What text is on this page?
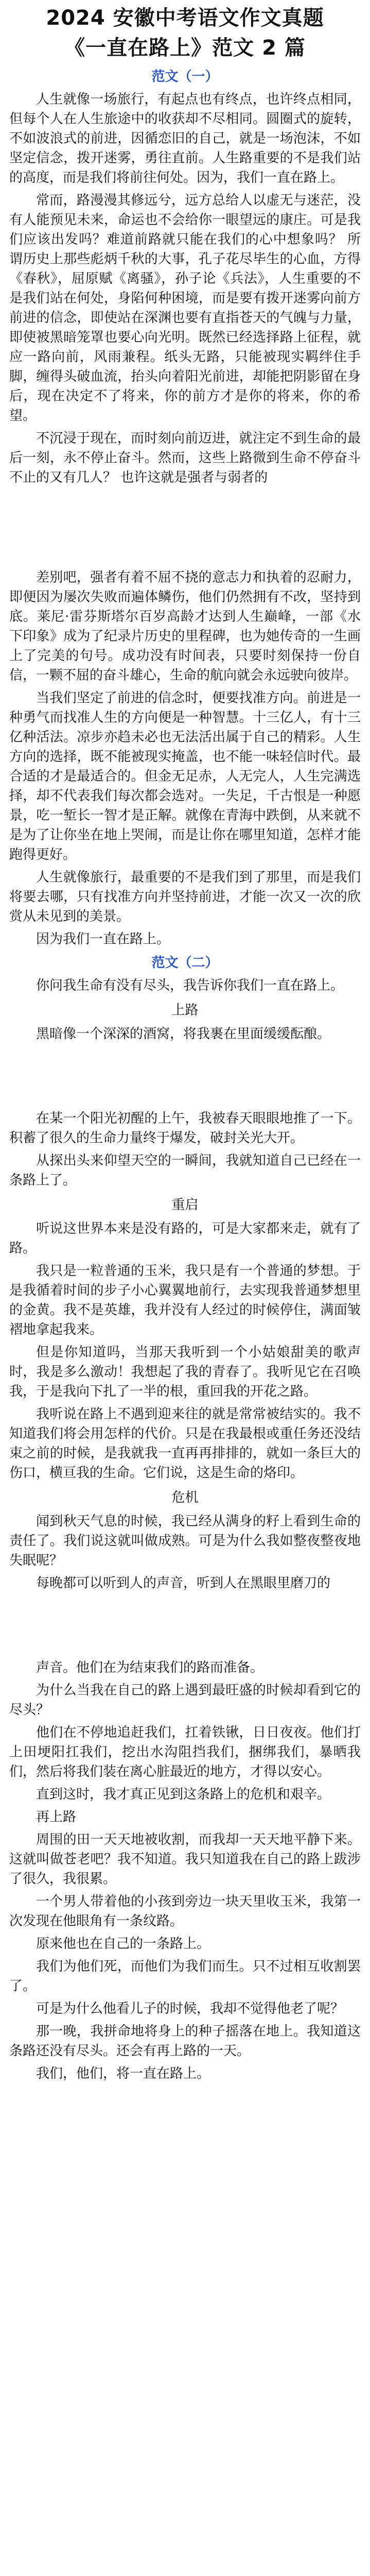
2024 安徽中考语文作文真题
《一直在路上》范文 2 篇
范文（一）

人生就像一场旅行，有起点也有终点，也许终点相同，但每个人在人生旅途中的收获却不尽相同。圆圈式的旋转，不如波浪式的前进，因循恋旧的自己，就是一场泡沫，不如坚定信念，拨开迷雾，勇往直前。人生路重要的不是我们站的高度，而是我们将前往何处。因为，我们一直在路上。

常而，路漫漫其修远兮，远方总给人以虚无与迷茫，没有人能预见未来，命运也不会给你一眼望远的康庄。可是我们应该出发吗？难道前路就只能在我们的心中想象吗？ 所谓历史上那些彪炳千秋的大事，孔子花尽毕生的心血，方得《春秋》，屈原赋《离骚》，孙子论《兵法》，人生重要的不是我们站在何处，身陷何种困境，而是要有拨开迷雾向前方前进的信念，即使站在深渊也要有直指苍天的气魄与力量，即使被黑暗笼罩也要心向光明。既然已经选择路上征程，就应一路向前，风雨兼程。纸头无路，只能被现实羁绊住手脚，缠得头破血流，抬头向着阳光前进，却能把阴影留在身后，现在决定不了将来，你的前方才是你的将来，你的希望。

不沉浸于现在，而时刻向前迈进，就注定不到生命的最后一刻，永不停止奋斗。然而，这些上路微到生命不停奋斗不止的又有几人？ 也许这就是强者与弱者的

差别吧，强者有着不屈不挠的意志力和执着的忍耐力，即便因为屡次失败而遍体鳞伤，他们仍然拥有不改，坚持到底。莱尼·雷芬斯塔尔百岁高龄才达到人生巅峰，一部《水下印象》成为了纪录片历史的里程碑，也为她传奇的一生画上了完美的句号。成功没有时间表，只要时刻保持一份自信，一颗不屈的奋斗雄心，生命的航向就会永远驶向彼岸。

当我们坚定了前进的信念时，便要找准方向。前进是一种勇气而找准人生的方向便是一种智慧。十三亿人，有十三亿种活法。凉步亦趋未必也无法活出属于自己的精彩。人生方向的选择，既不能被现实掩盖，也不能一味轻信时代。最合适的才是最适合的。但金无足赤，人无完人，人生完满选择，却不代表我们每次都会选对。一失足，千古恨是一种愿景，吃一堑长一智才是正解。就像在青海中跌倒，从来就不是为了让你坐在地上哭闹，而是让你在哪里知道，怎样才能跑得更好。

人生就像旅行，最重要的不是我们到了那里，而是我们将要去哪，只有找准方向并坚持前进，才能一次又一次的欣赏从未见到的美景。

因为我们一直在路上。

范文（二）

你问我生命有没有尽头，我告诉你我们一直在路上。

上路

黑暗像一个深深的酒窝，将我裹在里面缓缓酝酿。

在某一个阳光初醒的上午，我被春天眼眼地推了一下。积蓄了很久的生命力量终于爆发，破封关光大开。

从探出头来仰望天空的一瞬间，我就知道自己已经在一条路上了。

重启

听说这世界本来是没有路的，可是大家都来走，就有了路。

我只是一粒普通的玉米，我只是有一个普通的梦想。于是我循着时间的步子小心翼翼地前行，去实现我普通梦想里的金黄。我不是英雄，我并没有人经过的时候停住，满面皱褶地拿起我来。

但是你知道吗，当那天我听到一个小姑娘甜美的歌声时，我是多么激动！我想起了我的青春了。我听见它在召唤我，于是我向下扎了一半的根，重回我的开花之路。

我听说在路上不遇到迎来往的就是常常被结实的。我不知道我们将会用怎样的代价。只是在我最根或重任务还没结束之前的时候，是我就我一直再再排排的，就如一条巨大的伤口，横亘我的生命。它们说，这是生命的烙印。

危机

闻到秋天气息的时候，我已经从满身的籽上看到生命的责任了。我们说这就叫做成熟。可是为什么我如整夜整夜地失眠呢？

每晚都可以听到人的声音，听到人在黑眼里磨刀的

声音。他们在为结束我们的路而准备。

为什么当我在自己的路上遇到最旺盛的时候却看到它的尽头？

他们在不停地追赶我们，扛着铁锹，日日夜夜。他们打上田埂阳扛我们，挖出水沟阻挡我们，捆绑我们，暴晒我们，然后将我们装在离心脏最近的地方，才得以安心。

直到这时，我才真正见到这条路上的危机和艰辛。

再上路

周围的田一天天地被收割，而我却一天天地平静下来。这就叫做苍老吧？我不知道。我只知道我在自己的路上跋涉了很久，我很累。

一个男人带着他的小孩到旁边一块天里收玉米，我第一次发现在他眼角有一条纹路。

原来他也在自己的一条路上。

我们为他们死，而他们为我们而生。只不过相互收割罢了。

可是为什么他看儿子的时候，我却不觉得他老了呢？

那一晚，我拼命地将身上的种子摇落在地上。我知道这条路还没有尽头。还会有再上路的一天。

我们，他们，将一直在路上。
